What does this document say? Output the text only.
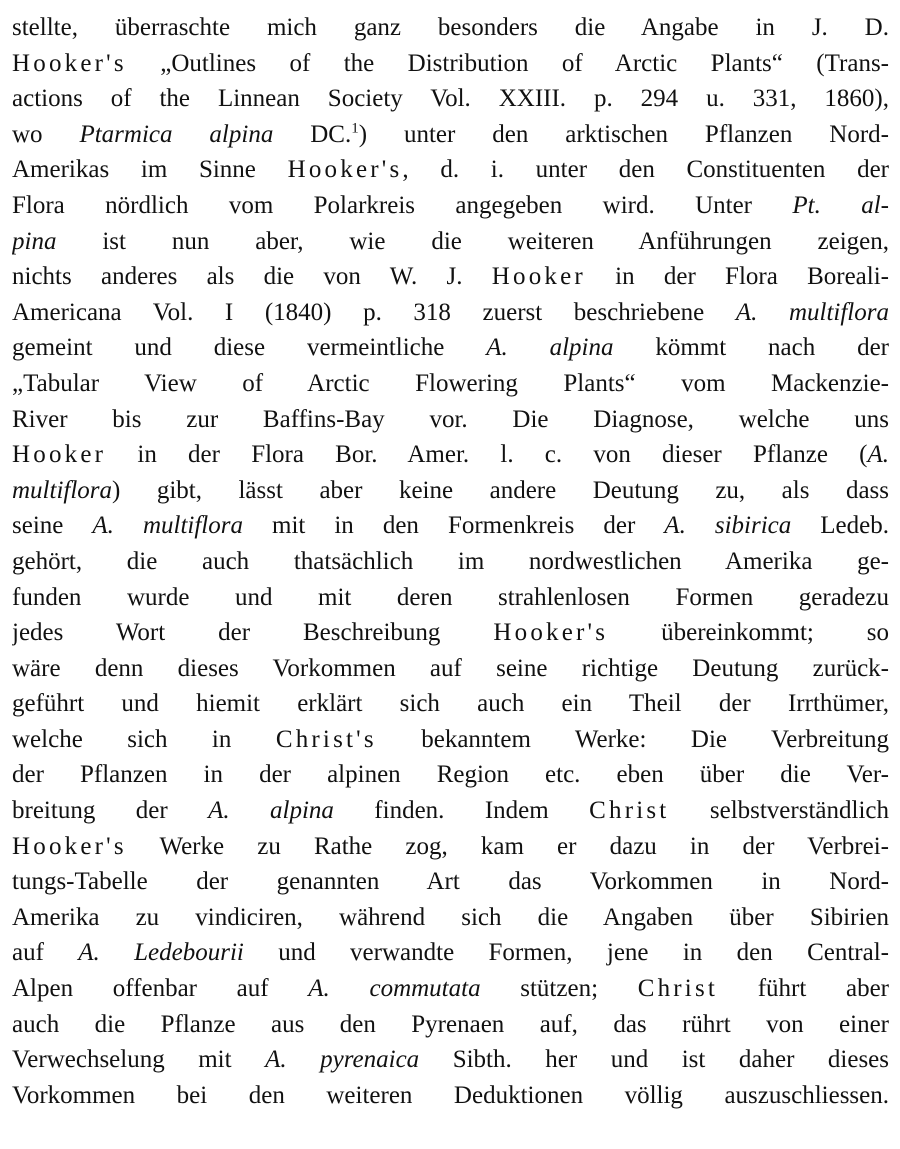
stellte, überraschte mich ganz besonders die Angabe in J. D.
Hooker's „Outlines of the Distribution of Arctic Plants“ (Trans-
actions of the Linnean Society Vol. XXIII. p. 294 u. 331, 1860),
wo Ptarmica alpina DC.$^1$) unter den arktischen Pflanzen Nord-
Amerikas im Sinne Hooker's, d. i. unter den Constituenten der
Flora nördlich vom Polarkreis angegeben wird. Unter Pt. al-
pina ist nun aber, wie die weiteren Anführungen zeigen,
nichts anderes als die von W. J. Hooker in der Flora Boreali-
Americana Vol. I (1840) p. 318 zuerst beschriebene A. multiflora
gemeint und diese vermeintliche A. alpina kömmt nach der
„Tabular View of Arctic Flowering Plants“ vom Mackenzie-
River bis zur Baffins-Bay vor. Die Diagnose, welche uns
Hooker in der Flora Bor. Amer. l. c. von dieser Pflanze (A.
multiflora) gibt, lässt aber keine andere Deutung zu, als dass
seine A. multiflora mit in den Formenkreis der A. sibirica Ledeb.
gehört, die auch thatsächlich im nordwestlichen Amerika ge-
funden wurde und mit deren strahlenlosen Formen geradezu
jedes Wort der Beschreibung Hooker's übereinkommt; so
wäre denn dieses Vorkommen auf seine richtige Deutung zurück-
geführt und hiemit erklärt sich auch ein Theil der Irrthümer,
welche sich in Christ's bekanntem Werke: Die Verbreitung
der Pflanzen in der alpinen Region etc. eben über die Ver-
breitung der A. alpina finden. Indem Christ selbstverständlich
Hooker's Werke zu Rathe zog, kam er dazu in der Verbrei-
tungs-Tabelle der genannten Art das Vorkommen in Nord-
Amerika zu vindiciren, während sich die Angaben über Sibirien
auf A. Ledebourii und verwandte Formen, jene in den Central-
Alpen offenbar auf A. commutata stützen; Christ führt aber
auch die Pflanze aus den Pyrenaen auf, das rührt von einer
Verwechselung mit A. pyrenaica Sibth. her und ist daher dieses
Vorkommen bei den weiteren Deduktionen völlig auszuschliessen.
